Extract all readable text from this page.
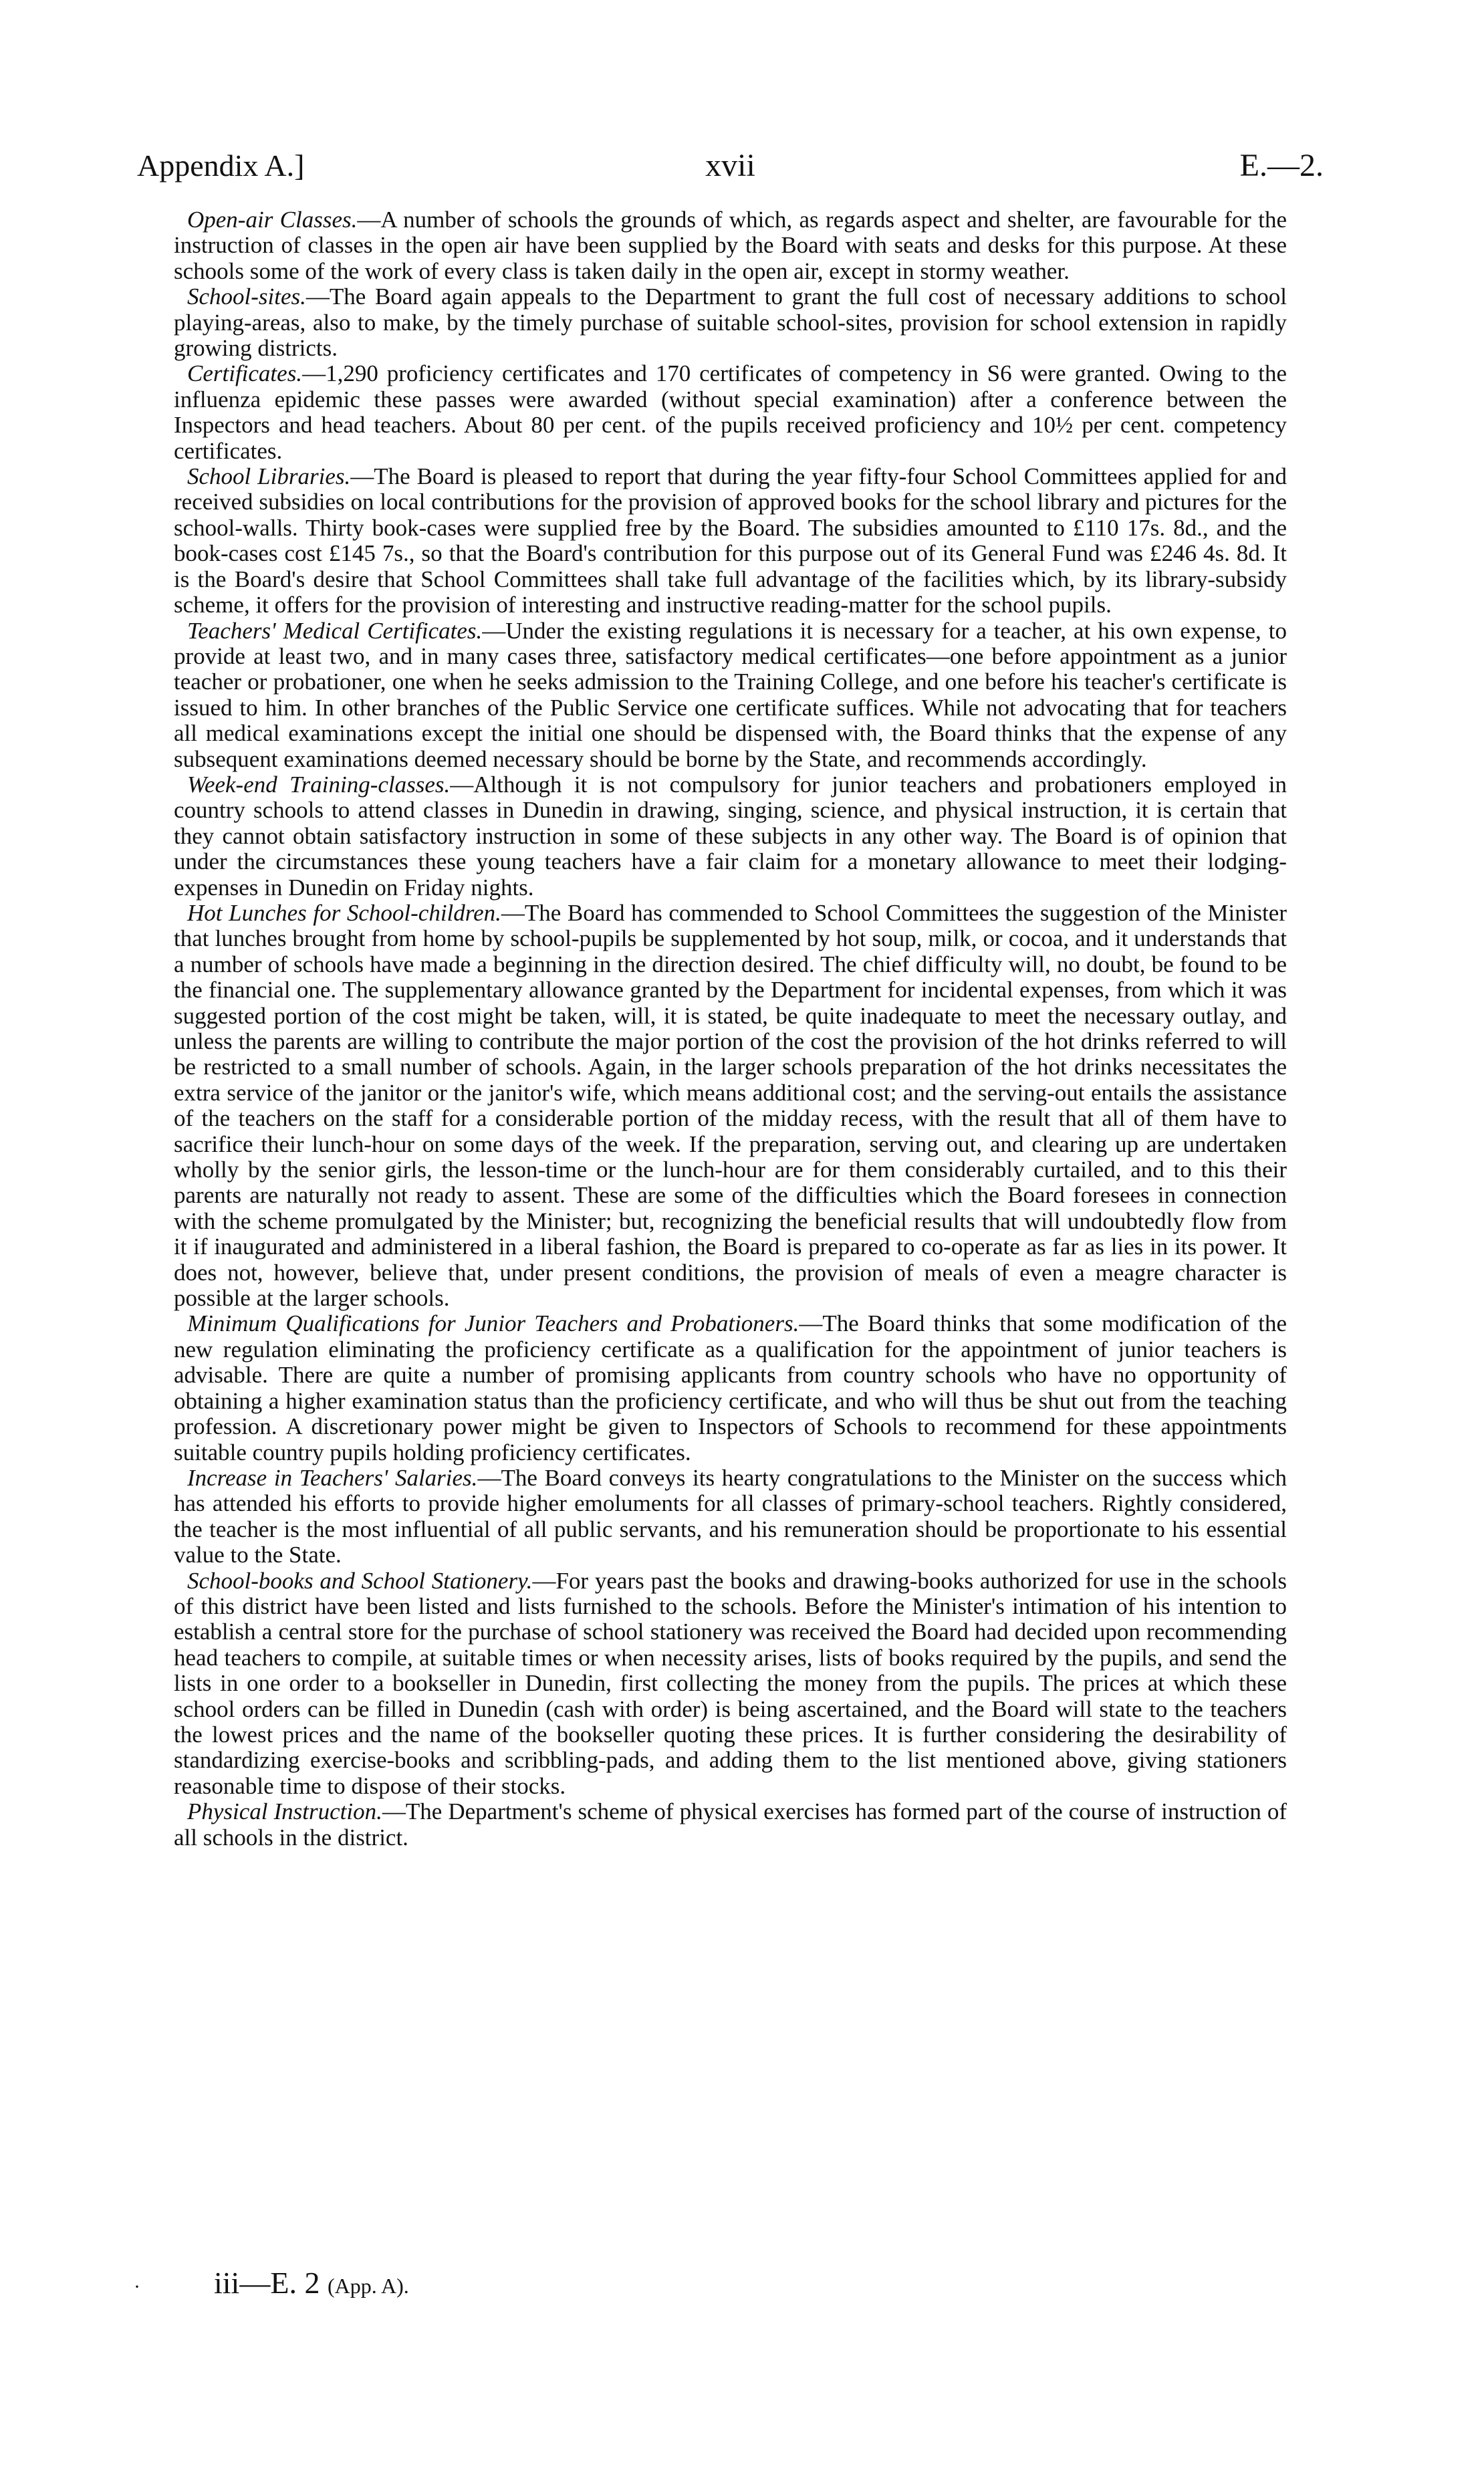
Appendix A.]	xvii	E.—2.

Open-air Classes.—A number of schools the grounds of which, as regards aspect and shelter, are favourable for the instruction of classes in the open air have been supplied by the Board with seats and desks for this purpose. At these schools some of the work of every class is taken daily in the open air, except in stormy weather.

School-sites.—The Board again appeals to the Department to grant the full cost of necessary additions to school playing-areas, also to make, by the timely purchase of suitable school-sites, provision for school extension in rapidly growing districts.

Certificates.—1,290 proficiency certificates and 170 certificates of competency in S6 were granted. Owing to the influenza epidemic these passes were awarded (without special examination) after a conference between the Inspectors and head teachers. About 80 per cent. of the pupils received proficiency and 10½ per cent. competency certificates.

School Libraries.—The Board is pleased to report that during the year fifty-four School Committees applied for and received subsidies on local contributions for the provision of approved books for the school library and pictures for the school-walls. Thirty book-cases were supplied free by the Board. The subsidies amounted to £110 17s. 8d., and the book-cases cost £145 7s., so that the Board's contribution for this purpose out of its General Fund was £246 4s. 8d. It is the Board's desire that School Committees shall take full advantage of the facilities which, by its library-subsidy scheme, it offers for the provision of interesting and instructive reading-matter for the school pupils.

Teachers' Medical Certificates.—Under the existing regulations it is necessary for a teacher, at his own expense, to provide at least two, and in many cases three, satisfactory medical certificates—one before appointment as a junior teacher or probationer, one when he seeks admission to the Training College, and one before his teacher's certificate is issued to him. In other branches of the Public Service one certificate suffices. While not advocating that for teachers all medical examinations except the initial one should be dispensed with, the Board thinks that the expense of any subsequent examinations deemed necessary should be borne by the State, and recommends accordingly.

Week-end Training-classes.—Although it is not compulsory for junior teachers and probationers employed in country schools to attend classes in Dunedin in drawing, singing, science, and physical instruction, it is certain that they cannot obtain satisfactory instruction in some of these subjects in any other way. The Board is of opinion that under the circumstances these young teachers have a fair claim for a monetary allowance to meet their lodging-expenses in Dunedin on Friday nights.

Hot Lunches for School-children.—The Board has commended to School Committees the suggestion of the Minister that lunches brought from home by school-pupils be supplemented by hot soup, milk, or cocoa, and it understands that a number of schools have made a beginning in the direction desired. The chief difficulty will, no doubt, be found to be the financial one. The supplementary allowance granted by the Department for incidental expenses, from which it was suggested portion of the cost might be taken, will, it is stated, be quite inadequate to meet the necessary outlay, and unless the parents are willing to contribute the major portion of the cost the provision of the hot drinks referred to will be restricted to a small number of schools. Again, in the larger schools preparation of the hot drinks necessitates the extra service of the janitor or the janitor's wife, which means additional cost; and the serving-out entails the assistance of the teachers on the staff for a considerable portion of the midday recess, with the result that all of them have to sacrifice their lunch-hour on some days of the week. If the preparation, serving out, and clearing up are undertaken wholly by the senior girls, the lesson-time or the lunch-hour are for them considerably curtailed, and to this their parents are naturally not ready to assent. These are some of the difficulties which the Board foresees in connection with the scheme promulgated by the Minister; but, recognizing the beneficial results that will undoubtedly flow from it if inaugurated and administered in a liberal fashion, the Board is prepared to co-operate as far as lies in its power. It does not, however, believe that, under present conditions, the provision of meals of even a meagre character is possible at the larger schools.

Minimum Qualifications for Junior Teachers and Probationers.—The Board thinks that some modification of the new regulation eliminating the proficiency certificate as a qualification for the appointment of junior teachers is advisable. There are quite a number of promising applicants from country schools who have no opportunity of obtaining a higher examination status than the proficiency certificate, and who will thus be shut out from the teaching profession. A discretionary power might be given to Inspectors of Schools to recommend for these appointments suitable country pupils holding proficiency certificates.

Increase in Teachers' Salaries.—The Board conveys its hearty congratulations to the Minister on the success which has attended his efforts to provide higher emoluments for all classes of primary-school teachers. Rightly considered, the teacher is the most influential of all public servants, and his remuneration should be proportionate to his essential value to the State.

School-books and School Stationery.—For years past the books and drawing-books authorized for use in the schools of this district have been listed and lists furnished to the schools. Before the Minister's intimation of his intention to establish a central store for the purchase of school stationery was received the Board had decided upon recommending head teachers to compile, at suitable times or when necessity arises, lists of books required by the pupils, and send the lists in one order to a bookseller in Dunedin, first collecting the money from the pupils. The prices at which these school orders can be filled in Dunedin (cash with order) is being ascertained, and the Board will state to the teachers the lowest prices and the name of the bookseller quoting these prices. It is further considering the desirability of standardizing exercise-books and scribbling-pads, and adding them to the list mentioned above, giving stationers reasonable time to dispose of their stocks.

Physical Instruction.—The Department's scheme of physical exercises has formed part of the course of instruction of all schools in the district.

· iii—E. 2 (App. A).
